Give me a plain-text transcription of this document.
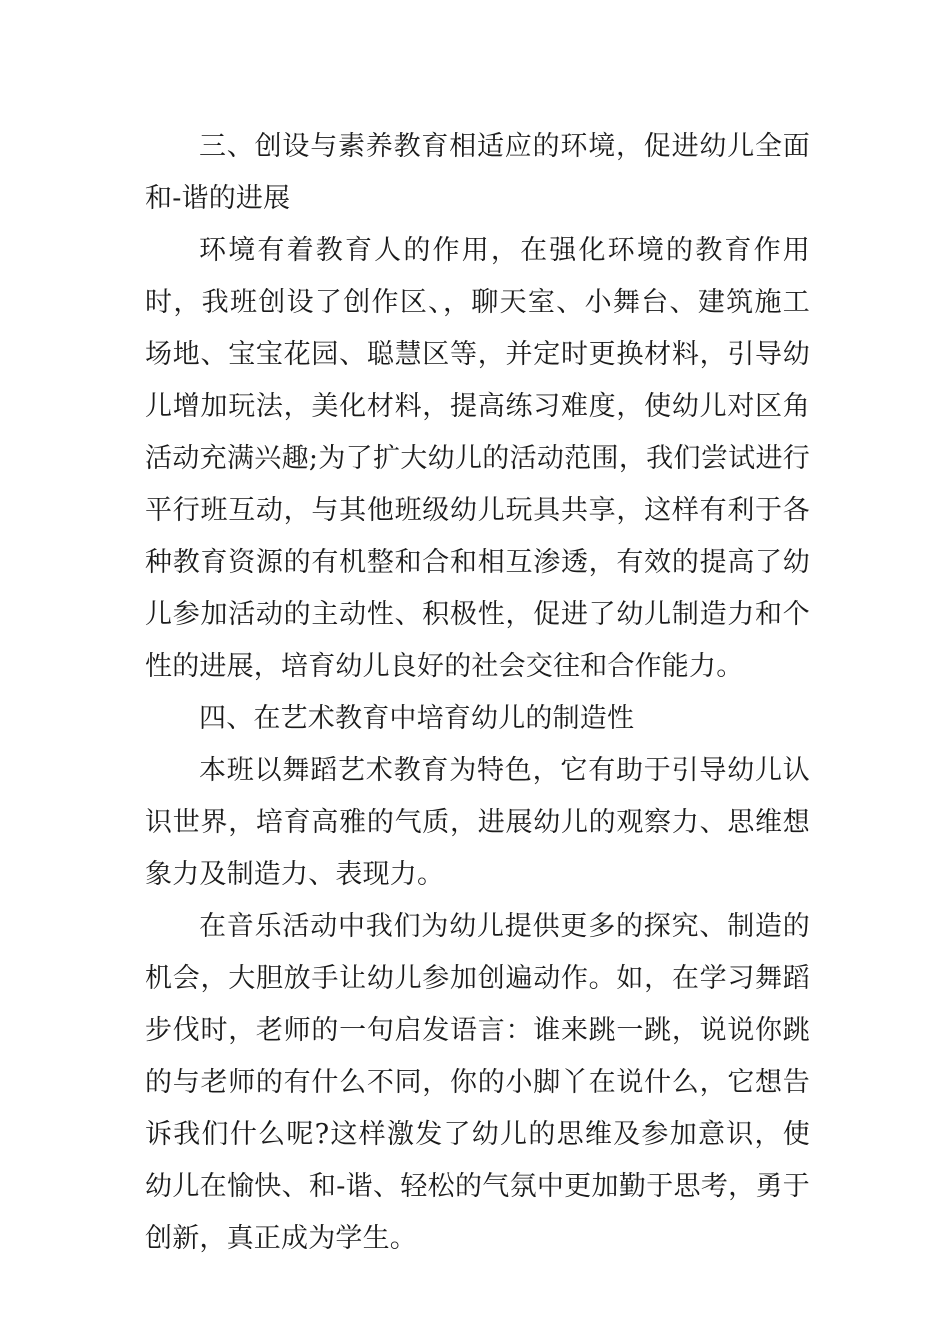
三、创设与素养教育相适应的环境，促进幼儿全面和-谐的进展

环境有着教育人的作用，在强化环境的教育作用时，我班创设了创作区、，聊天室、小舞台、建筑施工场地、宝宝花园、聪慧区等，并定时更换材料，引导幼儿增加玩法，美化材料，提高练习难度，使幼儿对区角活动充满兴趣;为了扩大幼儿的活动范围，我们尝试进行平行班互动，与其他班级幼儿玩具共享，这样有利于各种教育资源的有机整和合和相互渗透，有效的提高了幼儿参加活动的主动性、积极性，促进了幼儿制造力和个性的进展，培育幼儿良好的社会交往和合作能力。

四、在艺术教育中培育幼儿的制造性

本班以舞蹈艺术教育为特色，它有助于引导幼儿认识世界，培育高雅的气质，进展幼儿的观察力、思维想象力及制造力、表现力。

在音乐活动中我们为幼儿提供更多的探究、制造的机会，大胆放手让幼儿参加创遍动作。如，在学习舞蹈步伐时，老师的一句启发语言：谁来跳一跳，说说你跳的与老师的有什么不同，你的小脚丫在说什么，它想告诉我们什么呢?这样激发了幼儿的思维及参加意识，使幼儿在愉快、和-谐、轻松的气氛中更加勤于思考，勇于创新，真正成为学生。
